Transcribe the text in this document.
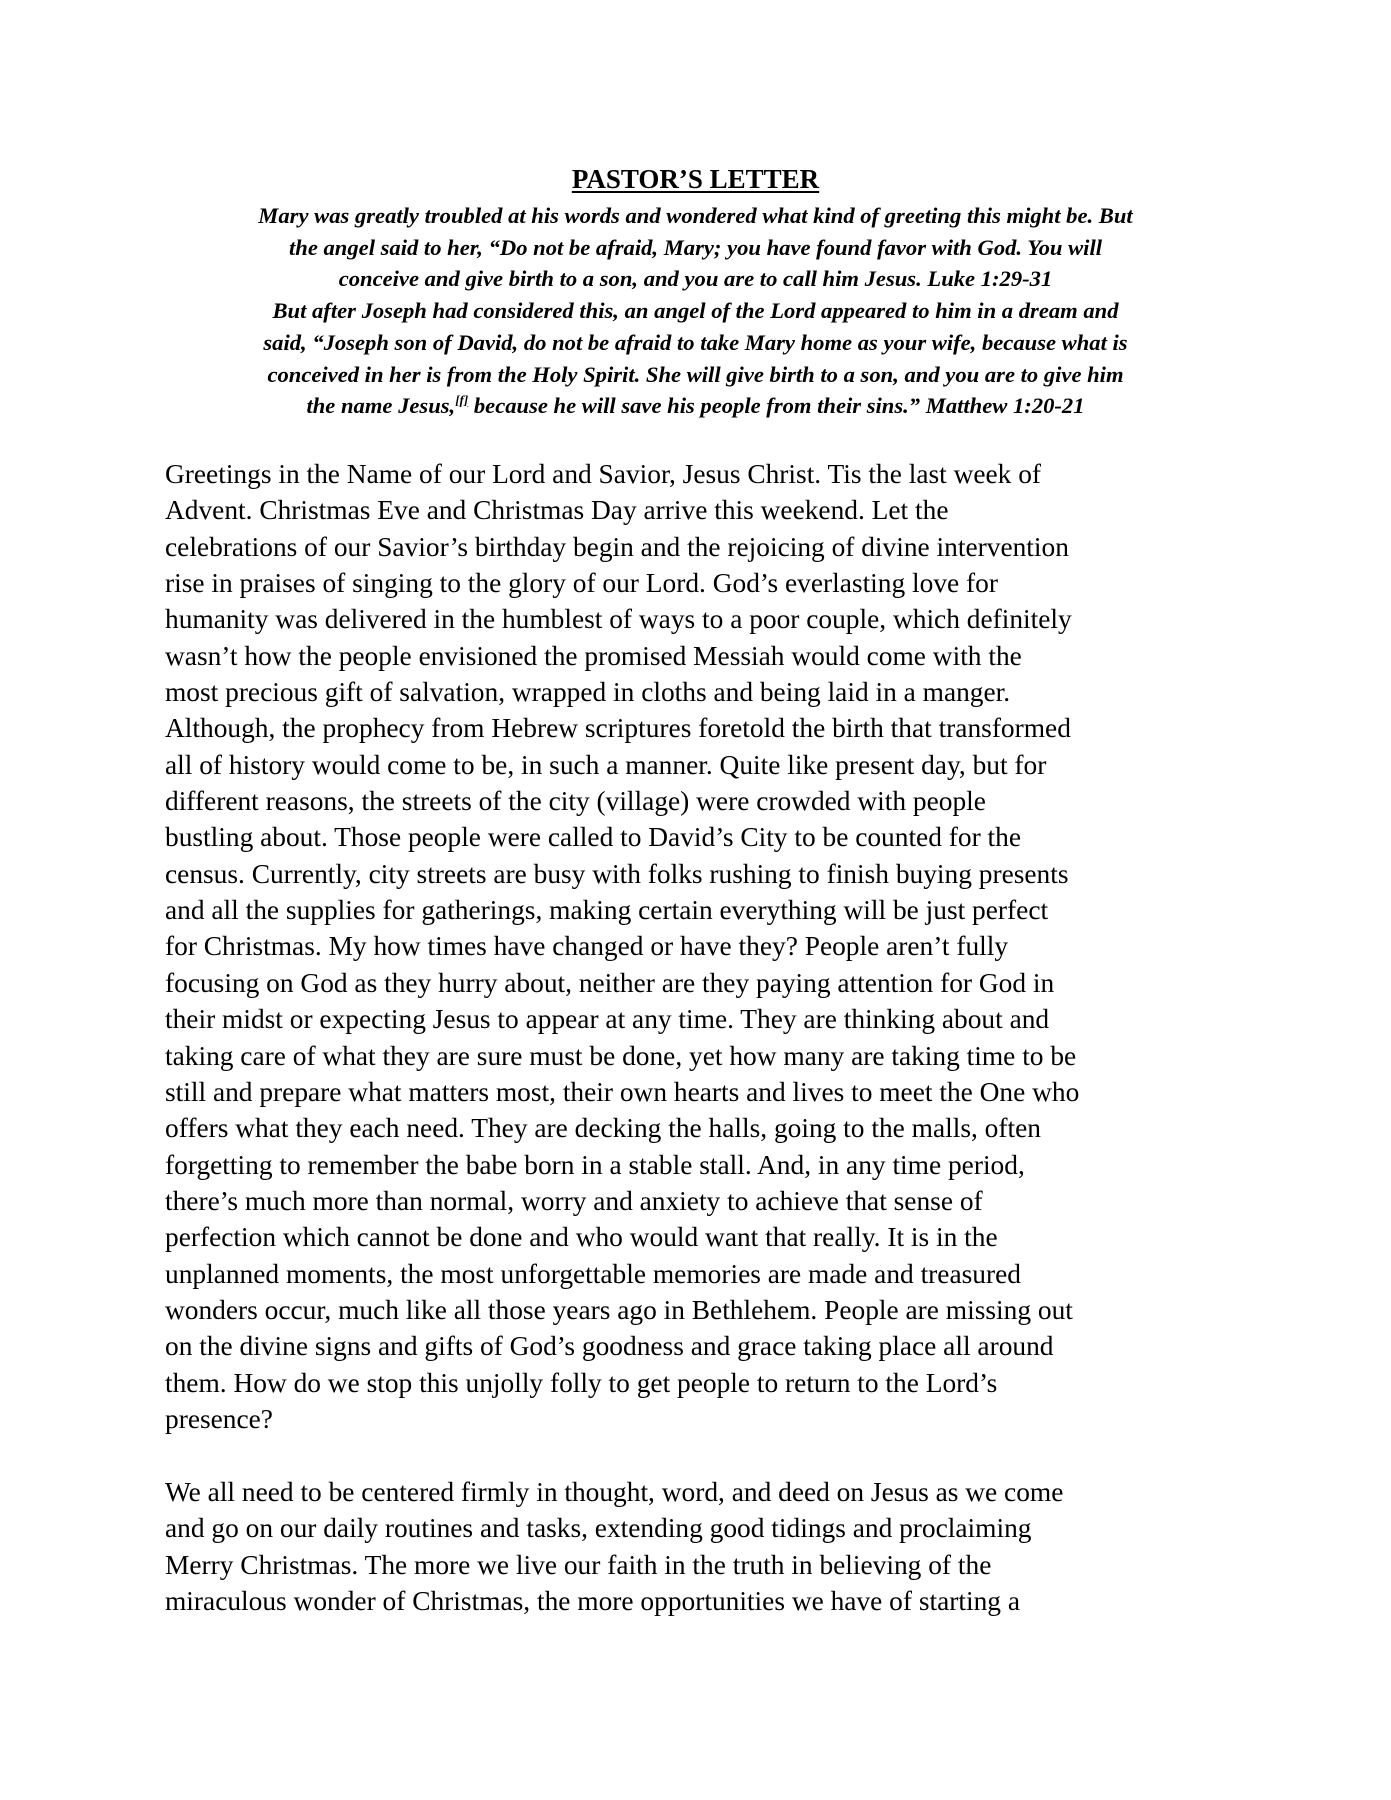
PASTOR’S LETTER
Mary was greatly troubled at his words and wondered what kind of greeting this might be. But
the angel said to her, “Do not be afraid, Mary; you have found favor with God. You will
conceive and give birth to a son, and you are to call him Jesus. Luke 1:29-31
But after Joseph had considered this, an angel of the Lord appeared to him in a dream and
said, “Joseph son of David, do not be afraid to take Mary home as your wife, because what is
conceived in her is from the Holy Spirit. She will give birth to a son, and you are to give him
the name Jesus,[f] because he will save his people from their sins.” Matthew 1:20-21
Greetings in the Name of our Lord and Savior, Jesus Christ. Tis the last week of
Advent. Christmas Eve and Christmas Day arrive this weekend. Let the
celebrations of our Savior’s birthday begin and the rejoicing of divine intervention
rise in praises of singing to the glory of our Lord. God’s everlasting love for
humanity was delivered in the humblest of ways to a poor couple, which definitely
wasn’t how the people envisioned the promised Messiah would come with the
most precious gift of salvation, wrapped in cloths and being laid in a manger.
Although, the prophecy from Hebrew scriptures foretold the birth that transformed
all of history would come to be, in such a manner. Quite like present day, but for
different reasons, the streets of the city (village) were crowded with people
bustling about. Those people were called to David’s City to be counted for the
census. Currently, city streets are busy with folks rushing to finish buying presents
and all the supplies for gatherings, making certain everything will be just perfect
for Christmas. My how times have changed or have they? People aren’t fully
focusing on God as they hurry about, neither are they paying attention for God in
their midst or expecting Jesus to appear at any time. They are thinking about and
taking care of what they are sure must be done, yet how many are taking time to be
still and prepare what matters most, their own hearts and lives to meet the One who
offers what they each need. They are decking the halls, going to the malls, often
forgetting to remember the babe born in a stable stall. And, in any time period,
there’s much more than normal, worry and anxiety to achieve that sense of
perfection which cannot be done and who would want that really. It is in the
unplanned moments, the most unforgettable memories are made and treasured
wonders occur, much like all those years ago in Bethlehem. People are missing out
on the divine signs and gifts of God’s goodness and grace taking place all around
them. How do we stop this unjolly folly to get people to return to the Lord’s
presence?
We all need to be centered firmly in thought, word, and deed on Jesus as we come
and go on our daily routines and tasks, extending good tidings and proclaiming
Merry Christmas. The more we live our faith in the truth in believing of the
miraculous wonder of Christmas, the more opportunities we have of starting a
